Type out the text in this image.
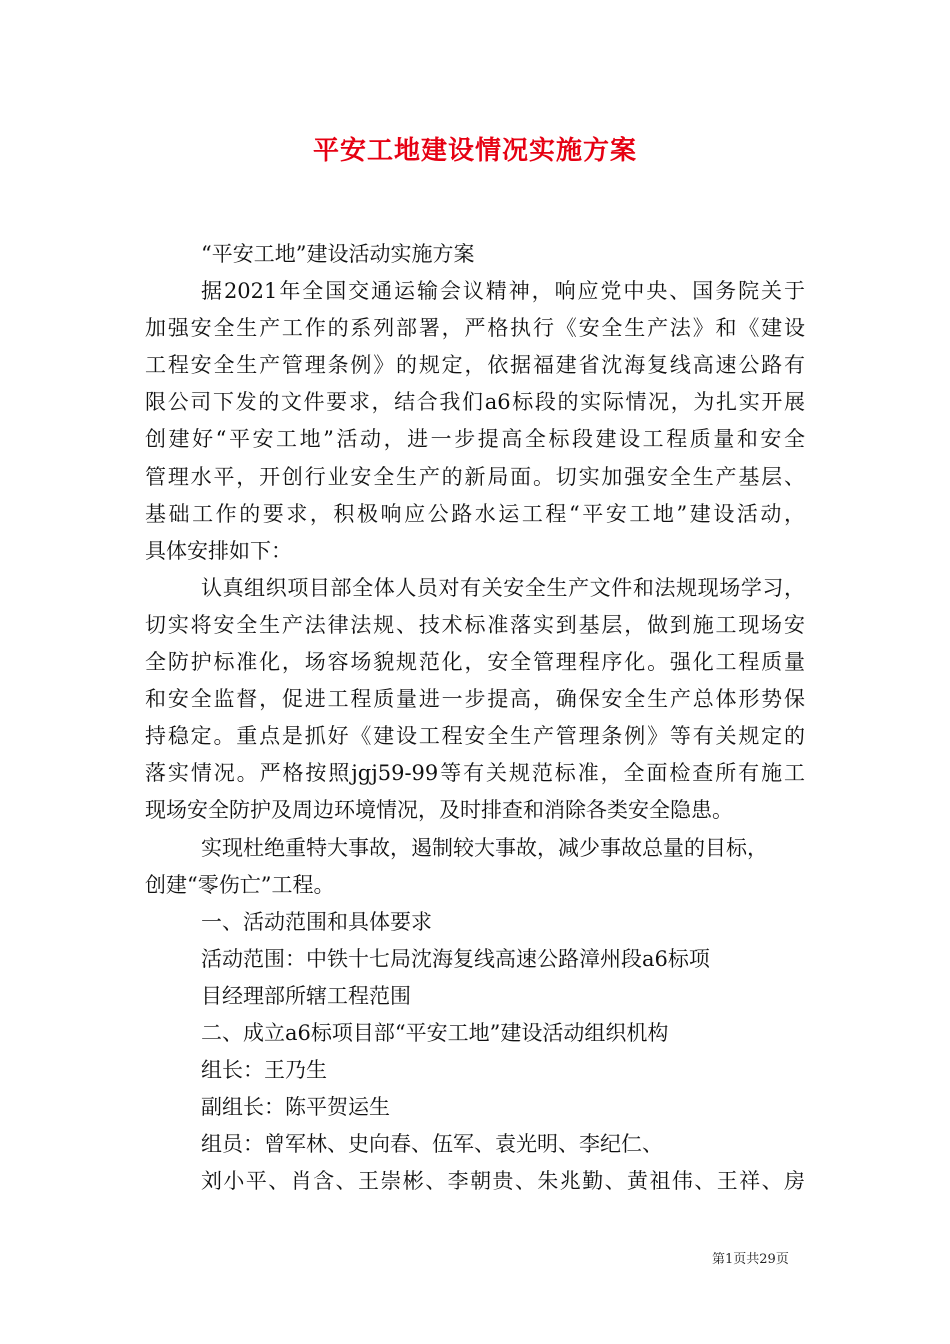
平安工地建设情况实施方案
“平安工地”建设活动实施方案
据2021年全国交通运输会议精神，响应党中央、国务院关于
加强安全生产工作的系列部署，严格执行《安全生产法》和《建设
工程安全生产管理条例》的规定，依据福建省沈海复线高速公路有
限公司下发的文件要求，结合我们a6标段的实际情况，为扎实开展
创建好“平安工地”活动，进一步提高全标段建设工程质量和安全
管理水平，开创行业安全生产的新局面。切实加强安全生产基层、
基础工作的要求，积极响应公路水运工程“平安工地”建设活动，
具体安排如下：
认真组织项目部全体人员对有关安全生产文件和法规现场学习，
切实将安全生产法律法规、技术标准落实到基层，做到施工现场安
全防护标准化，场容场貌规范化，安全管理程序化。强化工程质量
和安全监督，促进工程质量进一步提高，确保安全生产总体形势保
持稳定。重点是抓好《建设工程安全生产管理条例》等有关规定的
落实情况。严格按照jgj59-99等有关规范标准，全面检查所有施工
现场安全防护及周边环境情况，及时排查和消除各类安全隐患。
实现杜绝重特大事故，遏制较大事故，减少事故总量的目标，
创建“零伤亡”工程。
一、活动范围和具体要求
活动范围：中铁十七局沈海复线高速公路漳州段a6标项
目经理部所辖工程范围
二、成立a6标项目部“平安工地”建设活动组织机构
组长：王乃生
副组长：陈平贺运生
组员：曾军林、史向春、伍军、袁光明、李纪仁、
刘小平、肖含、王崇彬、李朝贵、朱兆勤、黄祖伟、王祥、房
第1页共29页
